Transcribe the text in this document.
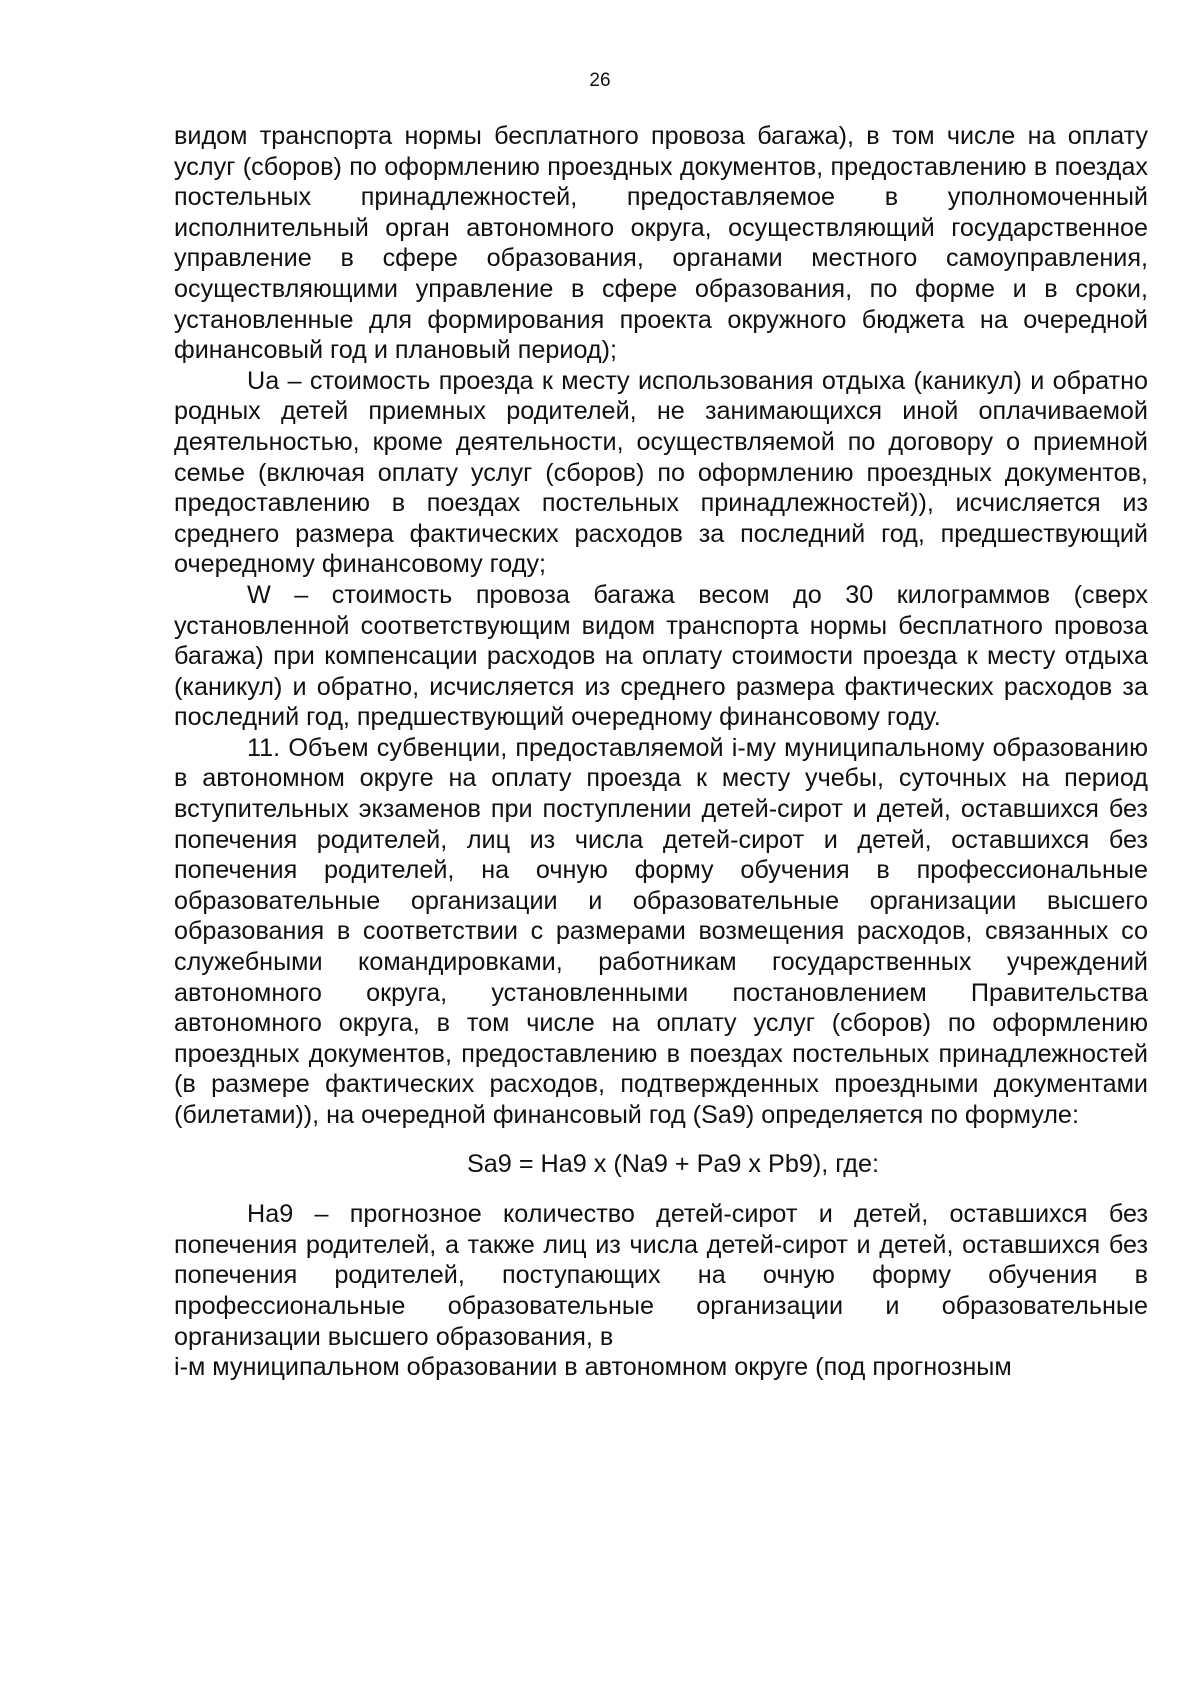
26

видом транспорта нормы бесплатного провоза багажа), в том числе на оплату услуг (сборов) по оформлению проездных документов, предоставлению в поездах постельных принадлежностей, предоставляемое в уполномоченный исполнительный орган автономного округа, осуществляющий государственное управление в сфере образования, органами местного самоуправления, осуществляющими управление в сфере образования, по форме и в сроки, установленные для формирования проекта окружного бюджета на очередной финансовый год и плановый период);

Ua – стоимость проезда к месту использования отдыха (каникул) и обратно родных детей приемных родителей, не занимающихся иной оплачиваемой деятельностью, кроме деятельности, осуществляемой по договору о приемной семье (включая оплату услуг (сборов) по оформлению проездных документов, предоставлению в поездах постельных принадлежностей)), исчисляется из среднего размера фактических расходов за последний год, предшествующий очередному финансовому году;

W – стоимость провоза багажа весом до 30 килограммов (сверх установленной соответствующим видом транспорта нормы бесплатного провоза багажа) при компенсации расходов на оплату стоимости проезда к месту отдыха (каникул) и обратно, исчисляется из среднего размера фактических расходов за последний год, предшествующий очередному финансовому году.

11. Объем субвенции, предоставляемой i-му муниципальному образованию в автономном округе на оплату проезда к месту учебы, суточных на период вступительных экзаменов при поступлении детей-сирот и детей, оставшихся без попечения родителей, лиц из числа детей-сирот и детей, оставшихся без попечения родителей, на очную форму обучения в профессиональные образовательные организации и образовательные организации высшего образования в соответствии с размерами возмещения расходов, связанных со служебными командировками, работникам государственных учреждений автономного округа, установленными постановлением Правительства автономного округа, в том числе на оплату услуг (сборов) по оформлению проездных документов, предоставлению в поездах постельных принадлежностей (в размере фактических расходов, подтвержденных проездными документами (билетами)), на очередной финансовый год (Sa9) определяется по формуле:

Sa9 = Ha9 x (Na9 + Pa9 x Pb9), где:

Ha9 – прогнозное количество детей-сирот и детей, оставшихся без попечения родителей, а также лиц из числа детей-сирот и детей, оставшихся без попечения родителей, поступающих на очную форму обучения в профессиональные образовательные организации и образовательные организации высшего образования, в
i-м муниципальном образовании в автономном округе (под прогнозным
